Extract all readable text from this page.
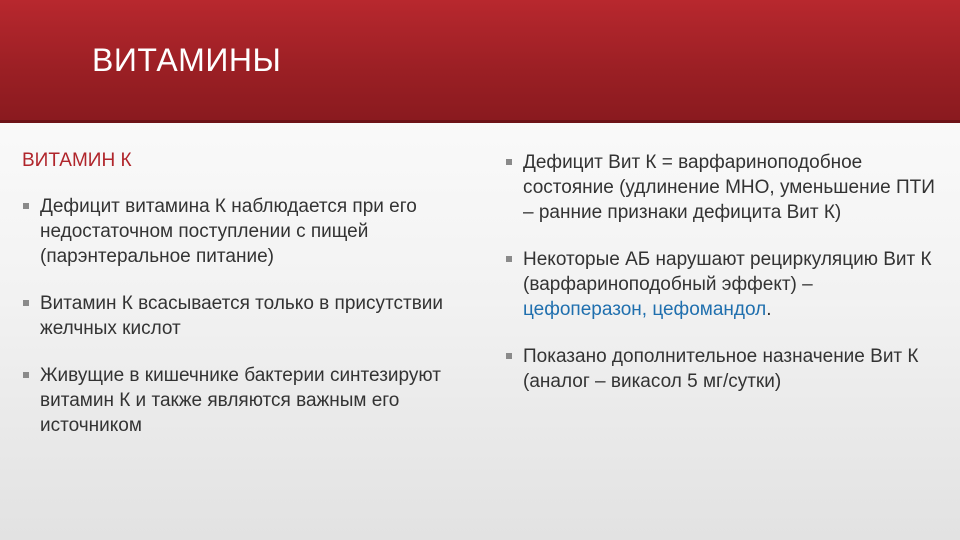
ВИТАМИНЫ
ВИТАМИН К
Дефицит витамина К наблюдается при его недостаточном поступлении с пищей (парэнтеральное питание)
Витамин К всасывается только в присутствии желчных кислот
Живущие в кишечнике бактерии синтезируют витамин К и также являются важным его источником
Дефицит Вит К = варфариноподобное состояние (удлинение МНО, уменьшение ПТИ – ранние признаки дефицита Вит К)
Некоторые АБ нарушают рециркуляцию Вит К (варфариноподобный эффект) – цефоперазон, цефомандол.
Показано дополнительное назначение Вит К (аналог – викасол 5 мг/сутки)
